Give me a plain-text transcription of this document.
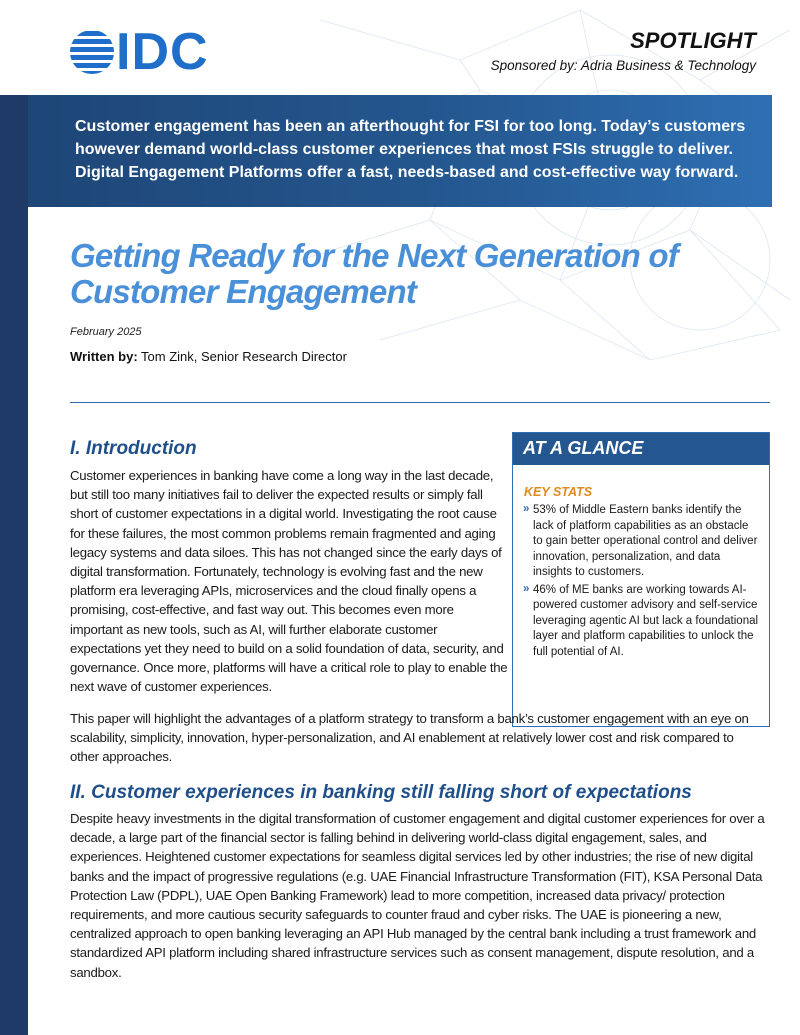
IDC	SPOTLIGHT
Sponsored by: Adria Business & Technology
Customer engagement has been an afterthought for FSI for too long. Today’s customers however demand world-class customer experiences that most FSIs struggle to deliver. Digital Engagement Platforms offer a fast, needs-based and cost-effective way forward.
Getting Ready for the Next Generation of
Customer Engagement
February 2025
Written by: Tom Zink, Senior Research Director
I. Introduction
Customer experiences in banking have come a long way in the last decade, but still too many initiatives fail to deliver the expected results or simply fall short of customer expectations in a digital world. Investigating the root cause for these failures, the most common problems remain fragmented and aging legacy systems and data siloes. This has not changed since the early days of digital transformation. Fortunately, technology is evolving fast and the new platform era leveraging APIs, microservices and the cloud finally opens a promising, cost-effective, and fast way out. This becomes even more important as new tools, such as AI, will further elaborate customer expectations yet they need to build on a solid foundation of data, security, and governance. Once more, platforms will have a critical role to play to enable the next wave of customer experiences.
AT A GLANCE
KEY STATS
» 53% of Middle Eastern banks identify the lack of platform capabilities as an obstacle to gain better operational control and deliver innovation, personalization, and data insights to customers.
» 46% of ME banks are working towards AI-powered customer advisory and self-service leveraging agentic AI but lack a foundational layer and platform capabilities to unlock the full potential of AI.
This paper will highlight the advantages of a platform strategy to transform a bank’s customer engagement with an eye on scalability, simplicity, innovation, hyper-personalization, and AI enablement at relatively lower cost and risk compared to other approaches.
II. Customer experiences in banking still falling short of expectations
Despite heavy investments in the digital transformation of customer engagement and digital customer experiences for over a decade, a large part of the financial sector is falling behind in delivering world-class digital engagement, sales, and experiences. Heightened customer expectations for seamless digital services led by other industries; the rise of new digital banks and the impact of progressive regulations (e.g. UAE Financial Infrastructure Transformation (FIT), KSA Personal Data Protection Law (PDPL), UAE Open Banking Framework) lead to more competition, increased data privacy/ protection requirements, and more cautious security safeguards to counter fraud and cyber risks. The UAE is pioneering a new, centralized approach to open banking leveraging an API Hub managed by the central bank including a trust framework and standardized API platform including shared infrastructure services such as consent management, dispute resolution, and a sandbox.
